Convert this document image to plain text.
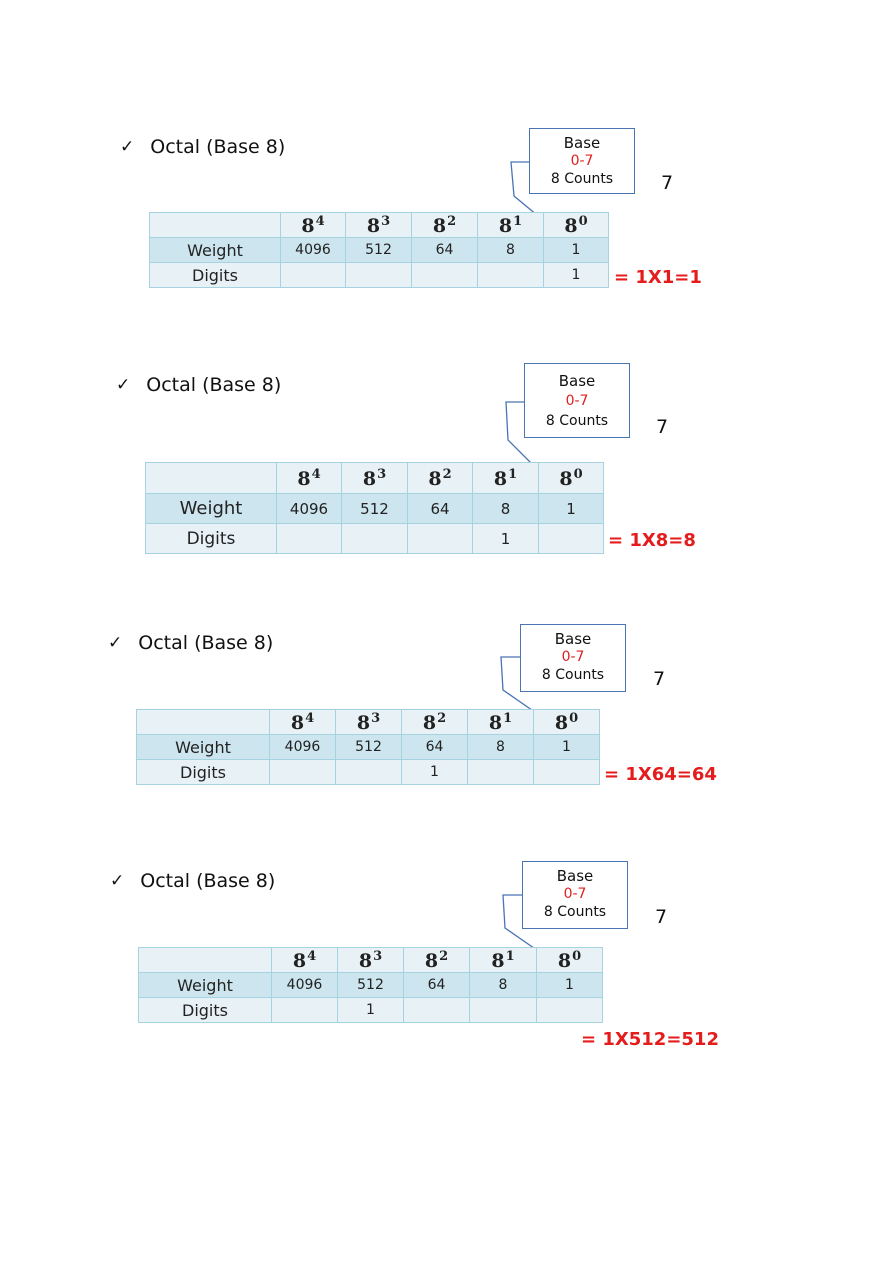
✓ Octal (Base 8)	Base
0-7
8 Counts	7
	$8^4$	$8^3$	$8^2$	$8^1$	$8^0$
Weight	4096	512	64	8	1
Digits					1 = 1X1=1
✓ Octal (Base 8)	Base
0-7
8 Counts	7
	$8^4$	$8^3$	$8^2$	$8^1$	$8^0$
Weight	4096	512	64	8	1
Digits				1		= 1X8=8
✓ Octal (Base 8)	Base
0-7
8 Counts	7
	$8^4$	$8^3$	$8^2$	$8^1$	$8^0$
Weight	4096	512	64	8	1
Digits			1			= 1X64=64
✓ Octal (Base 8)	Base
0-7
8 Counts	7
	$8^4$	$8^3$	$8^2$	$8^1$	$8^0$
Weight	4096	512	64	8	1
Digits		1			
= 1X512=512
